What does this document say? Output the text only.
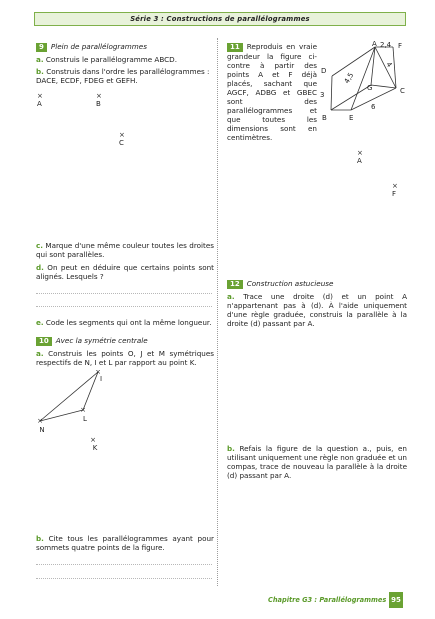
Série 3 : Constructions de parallélogrammes
9 Plein de parallélogrammes
a. Construis le parallélogramme ABCD.
b. Construis dans l'ordre les parallélogrammes : DACE, ECDF, FDEG et GEFH.
×
A
×
B
×
C
c. Marque d'une même couleur toutes les droites qui sont parallèles.
d. On peut en déduire que certains points sont alignés. Lesquels ?
e. Code les segments qui ont la même longueur.
10 Avec la symétrie centrale
a. Construis les points O, J et M symétriques respectifs de N, I et L par rapport au point K.
×
×
×
×
I
L
N
K
b. Cite tous les parallélogrammes ayant pour sommets quatre points de la figure.
11 Reproduis en vraie grandeur la figure ci-contre à partir des points A et F déjà placés, sachant que AGCF, ADBG et GBEC sont des parallélogrammes et que toutes les dimensions sont en centimètres.
A	F
D
G	C
B	E
2,4
3
4,5
4
6
×
A
×
F
12 Construction astucieuse
a. Trace une droite (d) et un point A n'appartenant pas à (d). À l'aide uniquement d'une règle graduée, construis la parallèle à la droite (d) passant par A.
b. Refais la figure de la question a., puis, en utilisant uniquement une règle non graduée et un compas, trace de nouveau la parallèle à la droite (d) passant par A.
Chapitre G3 : Parallélogrammes 95
